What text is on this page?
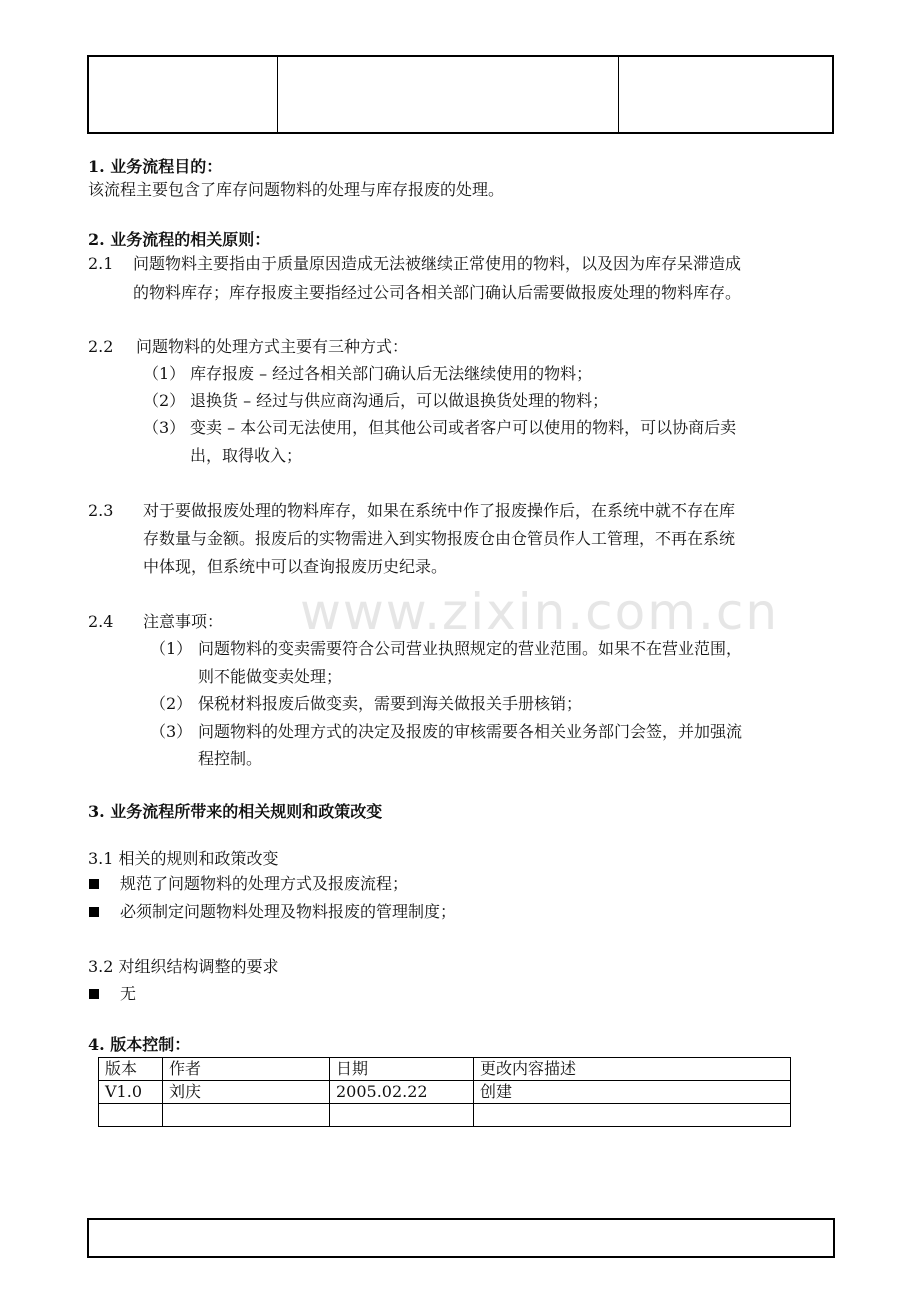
www.zixin.com.cn
1. 业务流程目的：
该流程主要包含了库存问题物料的处理与库存报废的处理。
2. 业务流程的相关原则：
2.1 问题物料主要指由于质量原因造成无法被继续正常使用的物料，以及因为库存呆滞造成
的物料库存；库存报废主要指经过公司各相关部门确认后需要做报废处理的物料库存。
2.2 问题物料的处理方式主要有三种方式：
（1） 库存报废 – 经过各相关部门确认后无法继续使用的物料；
（2） 退换货 – 经过与供应商沟通后，可以做退换货处理的物料；
（3） 变卖 – 本公司无法使用，但其他公司或者客户可以使用的物料，可以协商后卖
出，取得收入；
2.3 对于要做报废处理的物料库存，如果在系统中作了报废操作后，在系统中就不存在库
存数量与金额。报废后的实物需进入到实物报废仓由仓管员作人工管理，不再在系统
中体现，但系统中可以查询报废历史纪录。
2.4 注意事项：
（1） 问题物料的变卖需要符合公司营业执照规定的营业范围。如果不在营业范围，
则不能做变卖处理；
（2） 保税材料报废后做变卖，需要到海关做报关手册核销；
（3） 问题物料的处理方式的决定及报废的审核需要各相关业务部门会签，并加强流
程控制。
3. 业务流程所带来的相关规则和政策改变
3.1 相关的规则和政策改变
规范了问题物料的处理方式及报废流程；
必须制定问题物料处理及物料报废的管理制度；
3.2 对组织结构调整的要求
无
4. 版本控制：
版本	作者	日期	更改内容描述
V1.0	刘庆	2005.02.22	创建
